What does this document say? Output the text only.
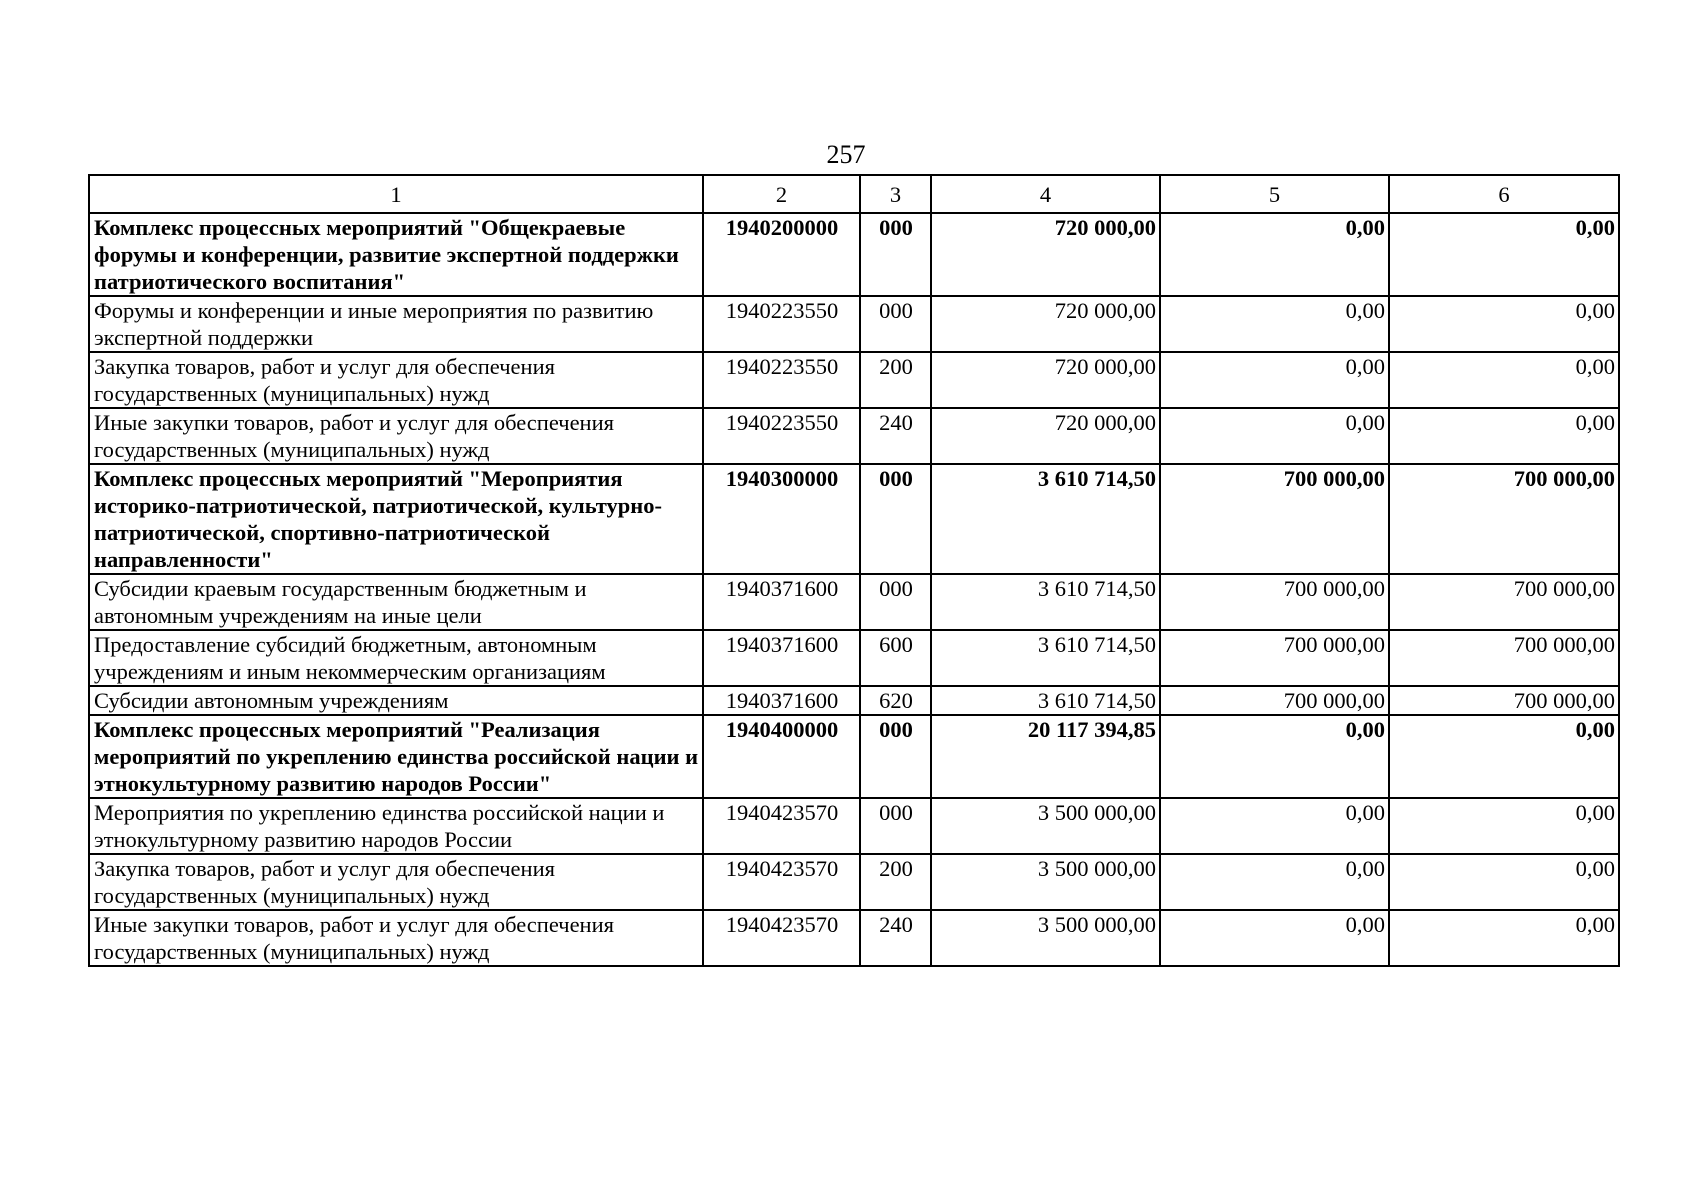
257
1	2	3	4	5	6
Комплекс процессных мероприятий "Общекраевые форумы и конференции, развитие экспертной поддержки патриотического воспитания"	1940200000	000	720 000,00	0,00	0,00
Форумы и конференции и иные мероприятия по развитию экспертной поддержки	1940223550	000	720 000,00	0,00	0,00
Закупка товаров, работ и услуг для обеспечения государственных (муниципальных) нужд	1940223550	200	720 000,00	0,00	0,00
Иные закупки товаров, работ и услуг для обеспечения государственных (муниципальных) нужд	1940223550	240	720 000,00	0,00	0,00
Комплекс процессных мероприятий "Мероприятия историко-патриотической, патриотической, культурно-патриотической, спортивно-патриотической направленности"	1940300000	000	3 610 714,50	700 000,00	700 000,00
Субсидии краевым государственным бюджетным и автономным учреждениям на иные цели	1940371600	000	3 610 714,50	700 000,00	700 000,00
Предоставление субсидий бюджетным, автономным учреждениям и иным некоммерческим организациям	1940371600	600	3 610 714,50	700 000,00	700 000,00
Субсидии автономным учреждениям	1940371600	620	3 610 714,50	700 000,00	700 000,00
Комплекс процессных мероприятий "Реализация мероприятий по укреплению единства российской нации и этнокультурному развитию народов России"	1940400000	000	20 117 394,85	0,00	0,00
Мероприятия по укреплению единства российской нации и этнокультурному развитию народов России	1940423570	000	3 500 000,00	0,00	0,00
Закупка товаров, работ и услуг для обеспечения государственных (муниципальных) нужд	1940423570	200	3 500 000,00	0,00	0,00
Иные закупки товаров, работ и услуг для обеспечения государственных (муниципальных) нужд	1940423570	240	3 500 000,00	0,00	0,00
